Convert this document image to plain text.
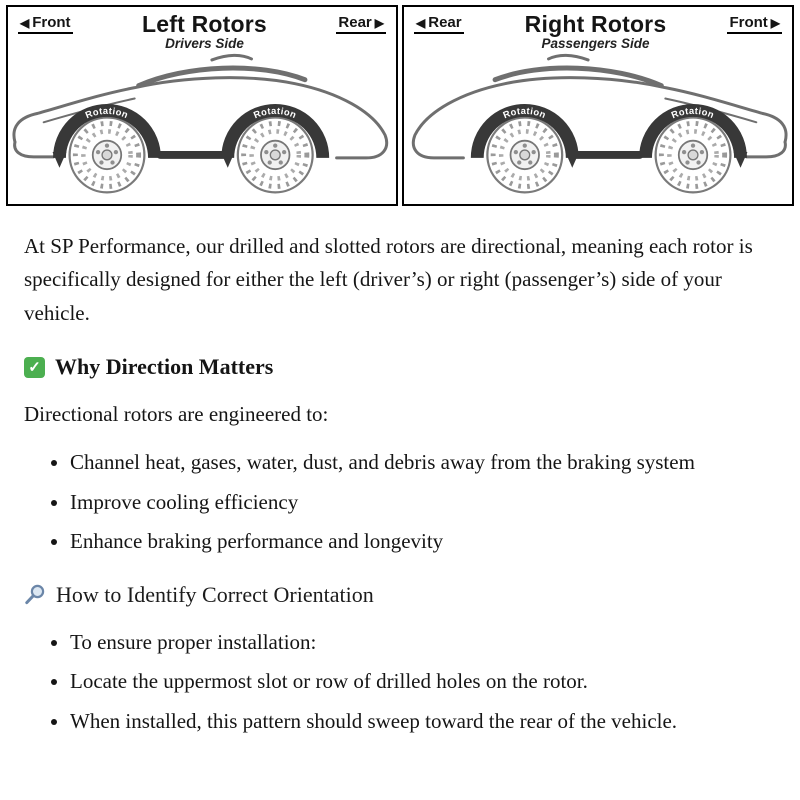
◀ Front	Left Rotors
Drivers Side
Rear ▶
Rotation	Rotation
◀ Rear	Right Rotors
Passengers Side
Front ▶
Rotation	Rotation

At SP Performance, our drilled and slotted rotors are directional, meaning each rotor is specifically designed for either the left (driver’s) or right (passenger’s) side of your vehicle.

✓ Why Direction Matters

Directional rotors are engineered to:

• Channel heat, gases, water, dust, and debris away from the braking system
• Improve cooling efficiency
• Enhance braking performance and longevity
How to Identify Correct Orientation
• To ensure proper installation:
• Locate the uppermost slot or row of drilled holes on the rotor.
• When installed, this pattern should sweep toward the rear of the vehicle.
